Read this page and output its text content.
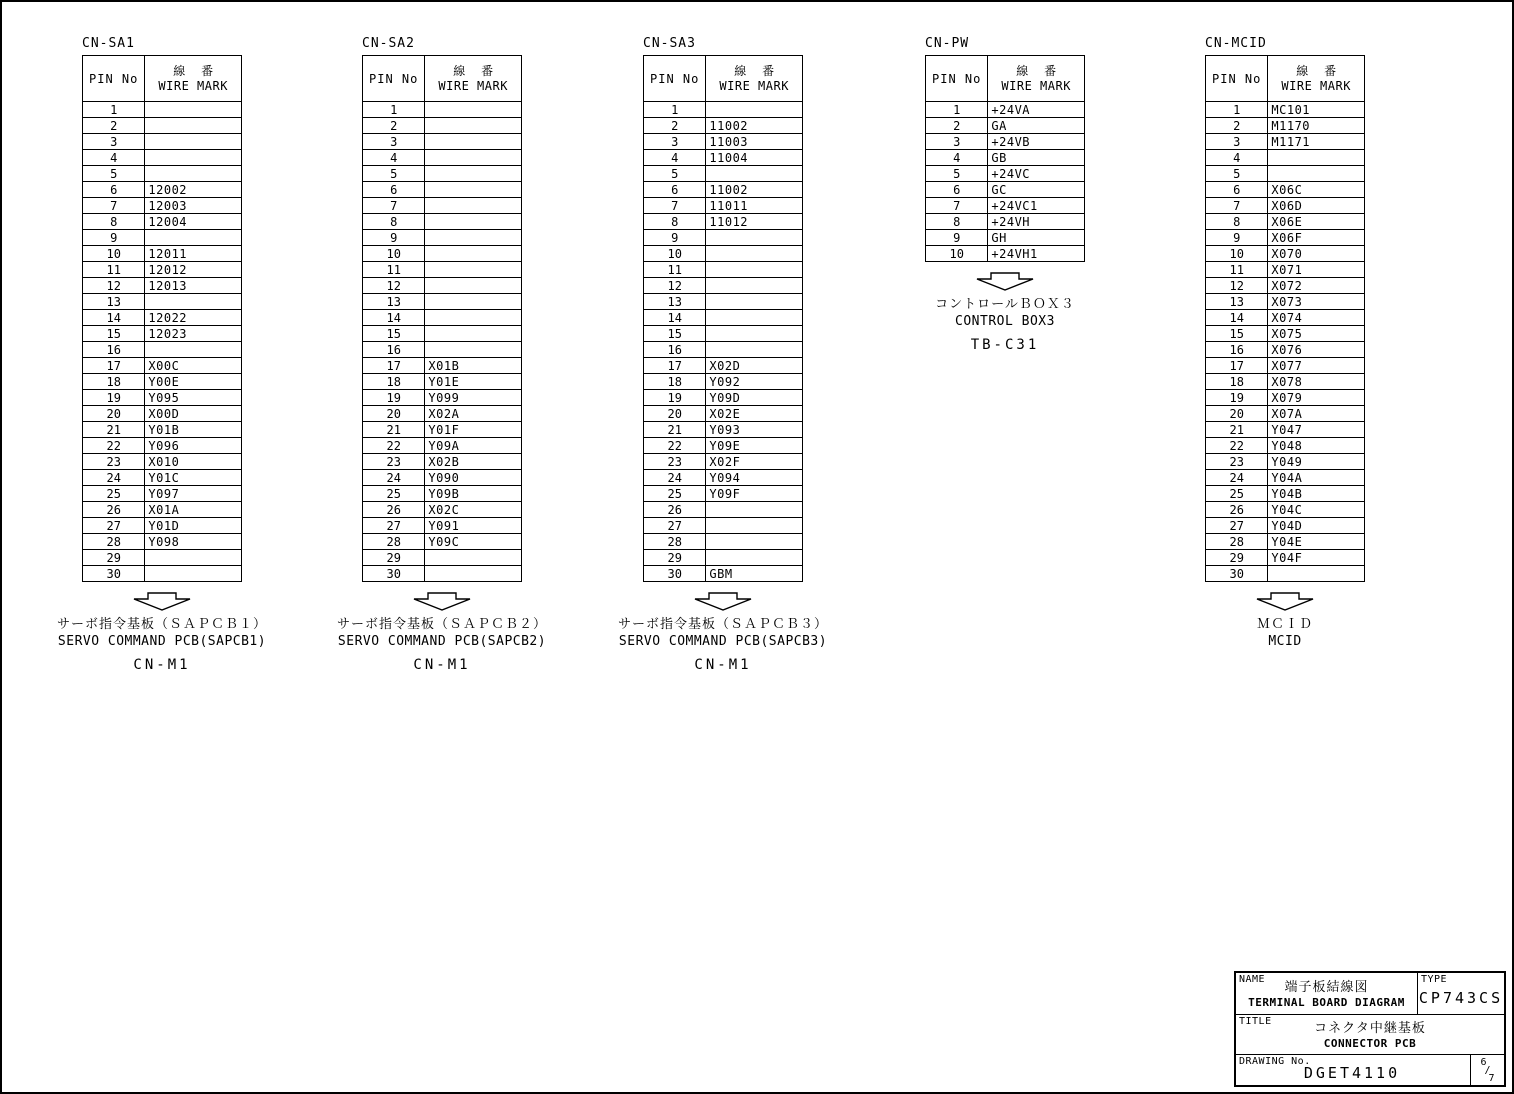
CN-SA1
PIN No	線 番
WIRE MARK

1	
2	
3	
4	
5	
6	12002
7	12003
8	12004
9	
10	12011
11	12012
12	12013
13	
14	12022
15	12023
16	
17	X00C
18	Y00E
19	Y095
20	X00D
21	Y01B
22	Y096
23	X010
24	Y01C
25	Y097
26	X01A
27	Y01D
28	Y098
29	
30	
サーボ指令基板（ＳＡＰＣＢ１）
SERVO COMMAND PCB(SAPCB1)
CN-M1
CN-SA2
PIN No	線 番
WIRE MARK

1	
2	
3	
4	
5	
6	
7	
8	
9	
10	
11	
12	
13	
14	
15	
16	
17	X01B
18	Y01E
19	Y099
20	X02A
21	Y01F
22	Y09A
23	X02B
24	Y090
25	Y09B
26	X02C
27	Y091
28	Y09C
29	
30	
サーボ指令基板（ＳＡＰＣＢ２）
SERVO COMMAND PCB(SAPCB2)
CN-M1
CN-SA3
PIN No	線 番
WIRE MARK

1	
2	11002
3	11003
4	11004
5	
6	11002
7	11011
8	11012
9	
10	
11	
12	
13	
14	
15	
16	
17	X02D
18	Y092
19	Y09D
20	X02E
21	Y093
22	Y09E
23	X02F
24	Y094
25	Y09F
26	
27	
28	
29	
30	GBM
サーボ指令基板（ＳＡＰＣＢ３）
SERVO COMMAND PCB(SAPCB3)
CN-M1
CN-PW
PIN No	線 番
WIRE MARK

1	+24VA
2	GA
3	+24VB
4	GB
5	+24VC
6	GC
7	+24VC1
8	+24VH
9	GH
10	+24VH1
コントロールＢＯＸ３
CONTROL BOX3
TB-C31
CN-MCID
PIN No	線 番
WIRE MARK

1	MC101
2	M1170
3	M1171
4	
5	
6	X06C
7	X06D
8	X06E
9	X06F
10	X070
11	X071
12	X072
13	X073
14	X074
15	X075
16	X076
17	X077
18	X078
19	X079
20	X07A
21	Y047
22	Y048
23	Y049
24	Y04A
25	Y04B
26	Y04C
27	Y04D
28	Y04E
29	Y04F
30	
ＭＣＩＤ
MCID
NAME
端子板結線図
TERMINAL BOARD DIAGRAM
TYPE
CP743CS
TITLE	コネクタ中継基板
CONNECTOR PCB
DRAWING No.
DGET4110
6
/
7
